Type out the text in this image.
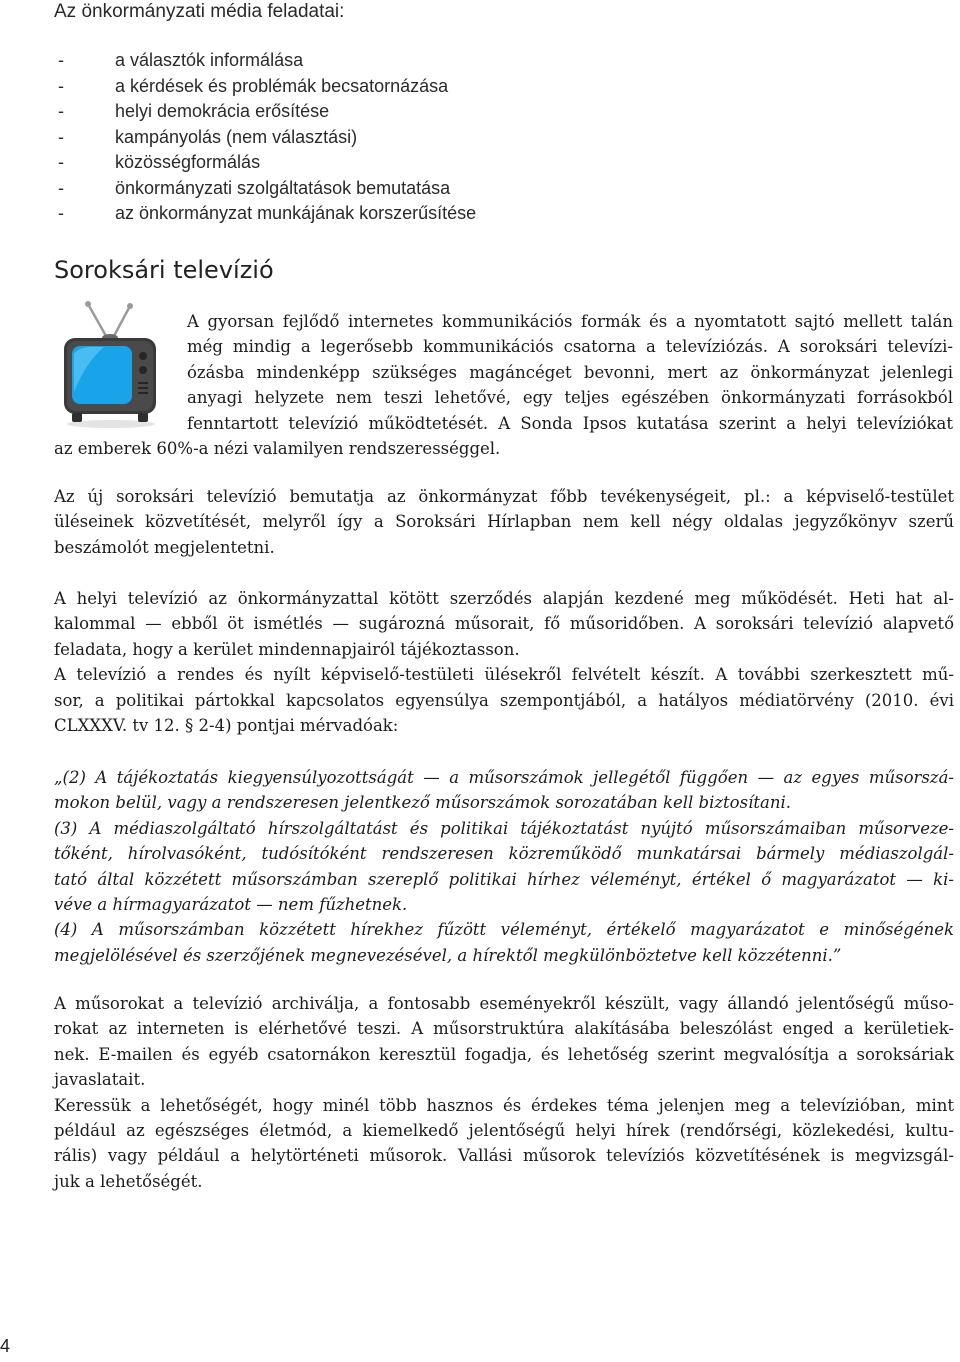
Az önkormányzati média feladatai:
-	a választók informálása
-	a kérdések és problémák becsatornázása
-	helyi demokrácia erősítése
-	kampányolás (nem választási)
-	közösségformálás
-	önkormányzati szolgáltatások bemutatása
-	az önkormányzat munkájának korszerűsítése
Soroksári televízió
A gyorsan fejlődő internetes kommunikációs formák és a nyomtatott sajtó mellett talán
még mindig a legerősebb kommunikációs csatorna a televíziózás. A soroksári televízi-
ózásba mindenképp szükséges magáncéget bevonni, mert az önkormányzat jelenlegi
anyagi helyzete nem teszi lehetővé, egy teljes egészében önkormányzati forrásokból
fenntartott televízió működtetését. A Sonda Ipsos kutatása szerint a helyi televíziókat
az emberek 60%-a nézi valamilyen rendszerességgel.
Az új soroksári televízió bemutatja az önkormányzat főbb tevékenységeit, pl.: a képviselő-testület
üléseinek közvetítését, melyről így a Soroksári Hírlapban nem kell négy oldalas jegyzőkönyv szerű
beszámolót megjelentetni.
A helyi televízió az önkormányzattal kötött szerződés alapján kezdené meg működését. Heti hat al-
kalommal — ebből öt ismétlés — sugározná műsorait, fő műsoridőben. A soroksári televízió alapvető
feladata, hogy a kerület mindennapjairól tájékoztasson.
A televízió a rendes és nyílt képviselő-testületi ülésekről felvételt készít. A további szerkesztett mű-
sor, a politikai pártokkal kapcsolatos egyensúlya szempontjából, a hatályos médiatörvény (2010. évi
CLXXXV. tv 12. § 2-4) pontjai mérvadóak:
„(2) A tájékoztatás kiegyensúlyozottságát — a műsorszámok jellegétől függően — az egyes műsorszá-
mokon belül, vagy a rendszeresen jelentkező műsorszámok sorozatában kell biztosítani.
(3) A médiaszolgáltató hírszolgáltatást és politikai tájékoztatást nyújtó műsorszámaiban műsorveze-
tőként, hírolvasóként, tudósítóként rendszeresen közreműködő munkatársai bármely médiaszolgál-
tató által közzétett műsorszámban szereplő politikai hírhez véleményt, értékel ő magyarázatot — ki-
véve a hírmagyarázatot — nem fűzhetnek.
(4) A műsorszámban közzétett hírekhez fűzött véleményt, értékelő magyarázatot e minőségének
megjelölésével és szerzőjének megnevezésével, a hírektől megkülönböztetve kell közzétenni.”
A műsorokat a televízió archiválja, a fontosabb eseményekről készült, vagy állandó jelentőségű műso-
rokat az interneten is elérhetővé teszi. A műsorstruktúra alakításába beleszólást enged a kerületiek-
nek. E-mailen és egyéb csatornákon keresztül fogadja, és lehetőség szerint megvalósítja a soroksáriak
javaslatait.
Keressük a lehetőségét, hogy minél több hasznos és érdekes téma jelenjen meg a televízióban, mint
például az egészséges életmód, a kiemelkedő jelentőségű helyi hírek (rendőrségi, közlekedési, kultu-
rális) vagy például a helytörténeti műsorok. Vallási műsorok televíziós közvetítésének is megvizsgál-
juk a lehetőségét.
4
